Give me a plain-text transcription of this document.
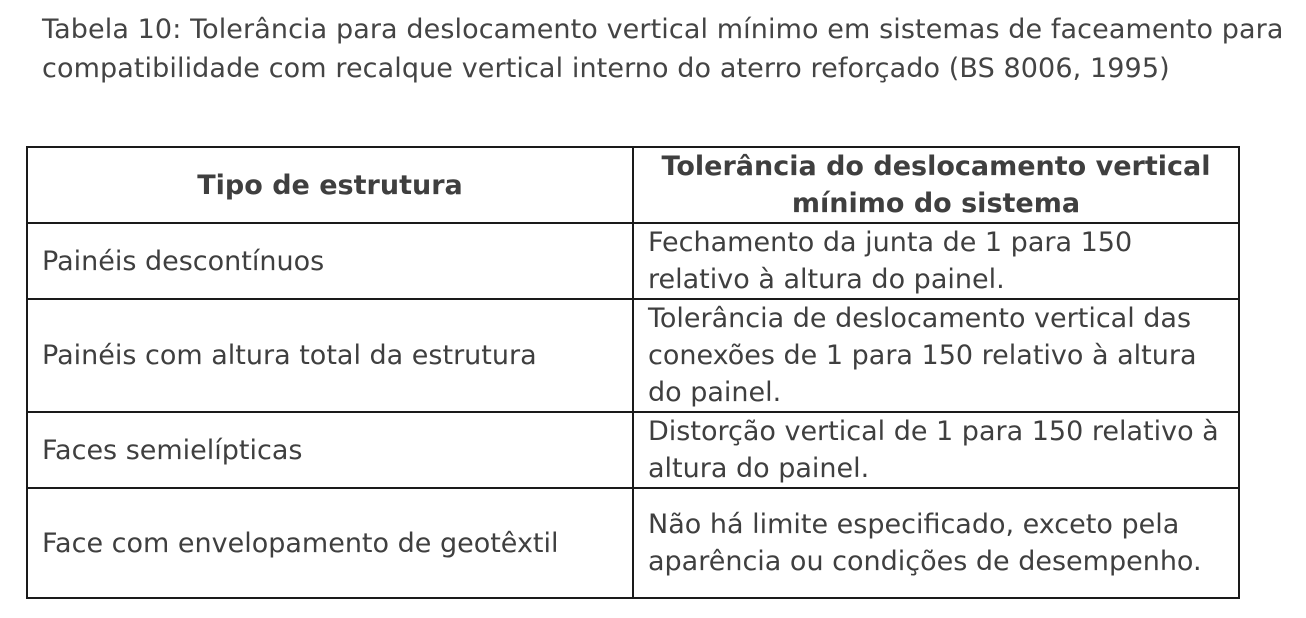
Tabela 10: Tolerância para deslocamento vertical mínimo em sistemas de faceamento para compatibilidade com recalque vertical interno do aterro reforçado (BS 8006, 1995)
Tipo de estrutura	Tolerância do deslocamento vertical mínimo do sistema
Painéis descontínuos	Fechamento da junta de 1 para 150 relativo à altura do painel.
Painéis com altura total da estrutura	Tolerância de deslocamento vertical das conexões de 1 para 150 relativo à altura do painel.
Faces semielípticas	Distorção vertical de 1 para 150 relativo à altura do painel.
Face com envelopamento de geotêxtil	Não há limite especificado, exceto pela aparência ou condições de desempenho.
